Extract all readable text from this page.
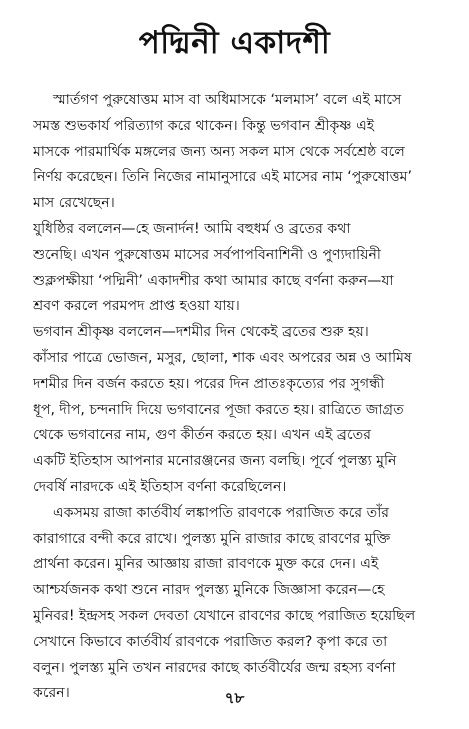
পদ্মিনী একাদশী
স্মার্তগণ পুরুষোত্তম মাস বা অধিমাসকে ‘মলমাস’ বলে এই মাসে
সমস্ত শুভকার্য পরিত্যাগ করে থাকেন। কিন্তু ভগবান শ্রীকৃষ্ণ এই
মাসকে পারমার্থিক মঙ্গলের জন্য অন্য সকল মাস থেকে সর্বশ্রেষ্ঠ বলে
নির্ণয় করেছেন। তিনি নিজের নামানুসারে এই মাসের নাম ‘পুরুষোত্তম’
মাস রেখেছেন।
যুধিষ্ঠির বললেন—হে জনার্দন! আমি বহুধর্ম ও ব্রতের কথা
শুনেছি। এখন পুরুষোত্তম মাসের সর্বপাপবিনাশিনী ও পুণ্যদায়িনী
শুক্লপক্ষীয়া ‘পদ্মিনী’ একাদশীর কথা আমার কাছে বর্ণনা করুন—যা
শ্রবণ করলে পরমপদ প্রাপ্ত হওয়া যায়।
ভগবান শ্রীকৃষ্ণ বললেন—দশমীর দিন থেকেই ব্রতের শুরু হয়।
কাঁসার পাত্রে ভোজন, মসুর, ছোলা, শাক এবং অপরের অন্ন ও আমিষ
দশমীর দিন বর্জন করতে হয়। পরের দিন প্রাতঃকৃত্যের পর সুগন্ধী
ধূপ, দীপ, চন্দনাদি দিয়ে ভগবানের পূজা করতে হয়। রাত্রিতে জাগ্রত
থেকে ভগবানের নাম, গুণ কীর্তন করতে হয়। এখন এই ব্রতের
একটি ইতিহাস আপনার মনোরঞ্জনের জন্য বলছি। পূর্বে পুলস্ত্য মুনি
দেবর্ষি নারদকে এই ইতিহাস বর্ণনা করেছিলেন।
একসময় রাজা কার্তবীর্য লঙ্কাপতি রাবণকে পরাজিত করে তাঁর
কারাগারে বন্দী করে রাখে। পুলস্ত্য মুনি রাজার কাছে রাবণের মুক্তি
প্রার্থনা করেন। মুনির আজ্ঞায় রাজা রাবণকে মুক্ত করে দেন। এই
আশ্চর্যজনক কথা শুনে নারদ পুলস্ত্য মুনিকে জিজ্ঞাসা করেন—হে
মুনিবর! ইন্দ্রসহ সকল দেবতা যেখানে রাবণের কাছে পরাজিত হয়েছিল
সেখানে কিভাবে কার্তবীর্য রাবণকে পরাজিত করল? কৃপা করে তা
বলুন। পুলস্ত্য মুনি তখন নারদের কাছে কার্তবীর্যের জন্ম রহস্য বর্ণনা
করেন।	৭৮
